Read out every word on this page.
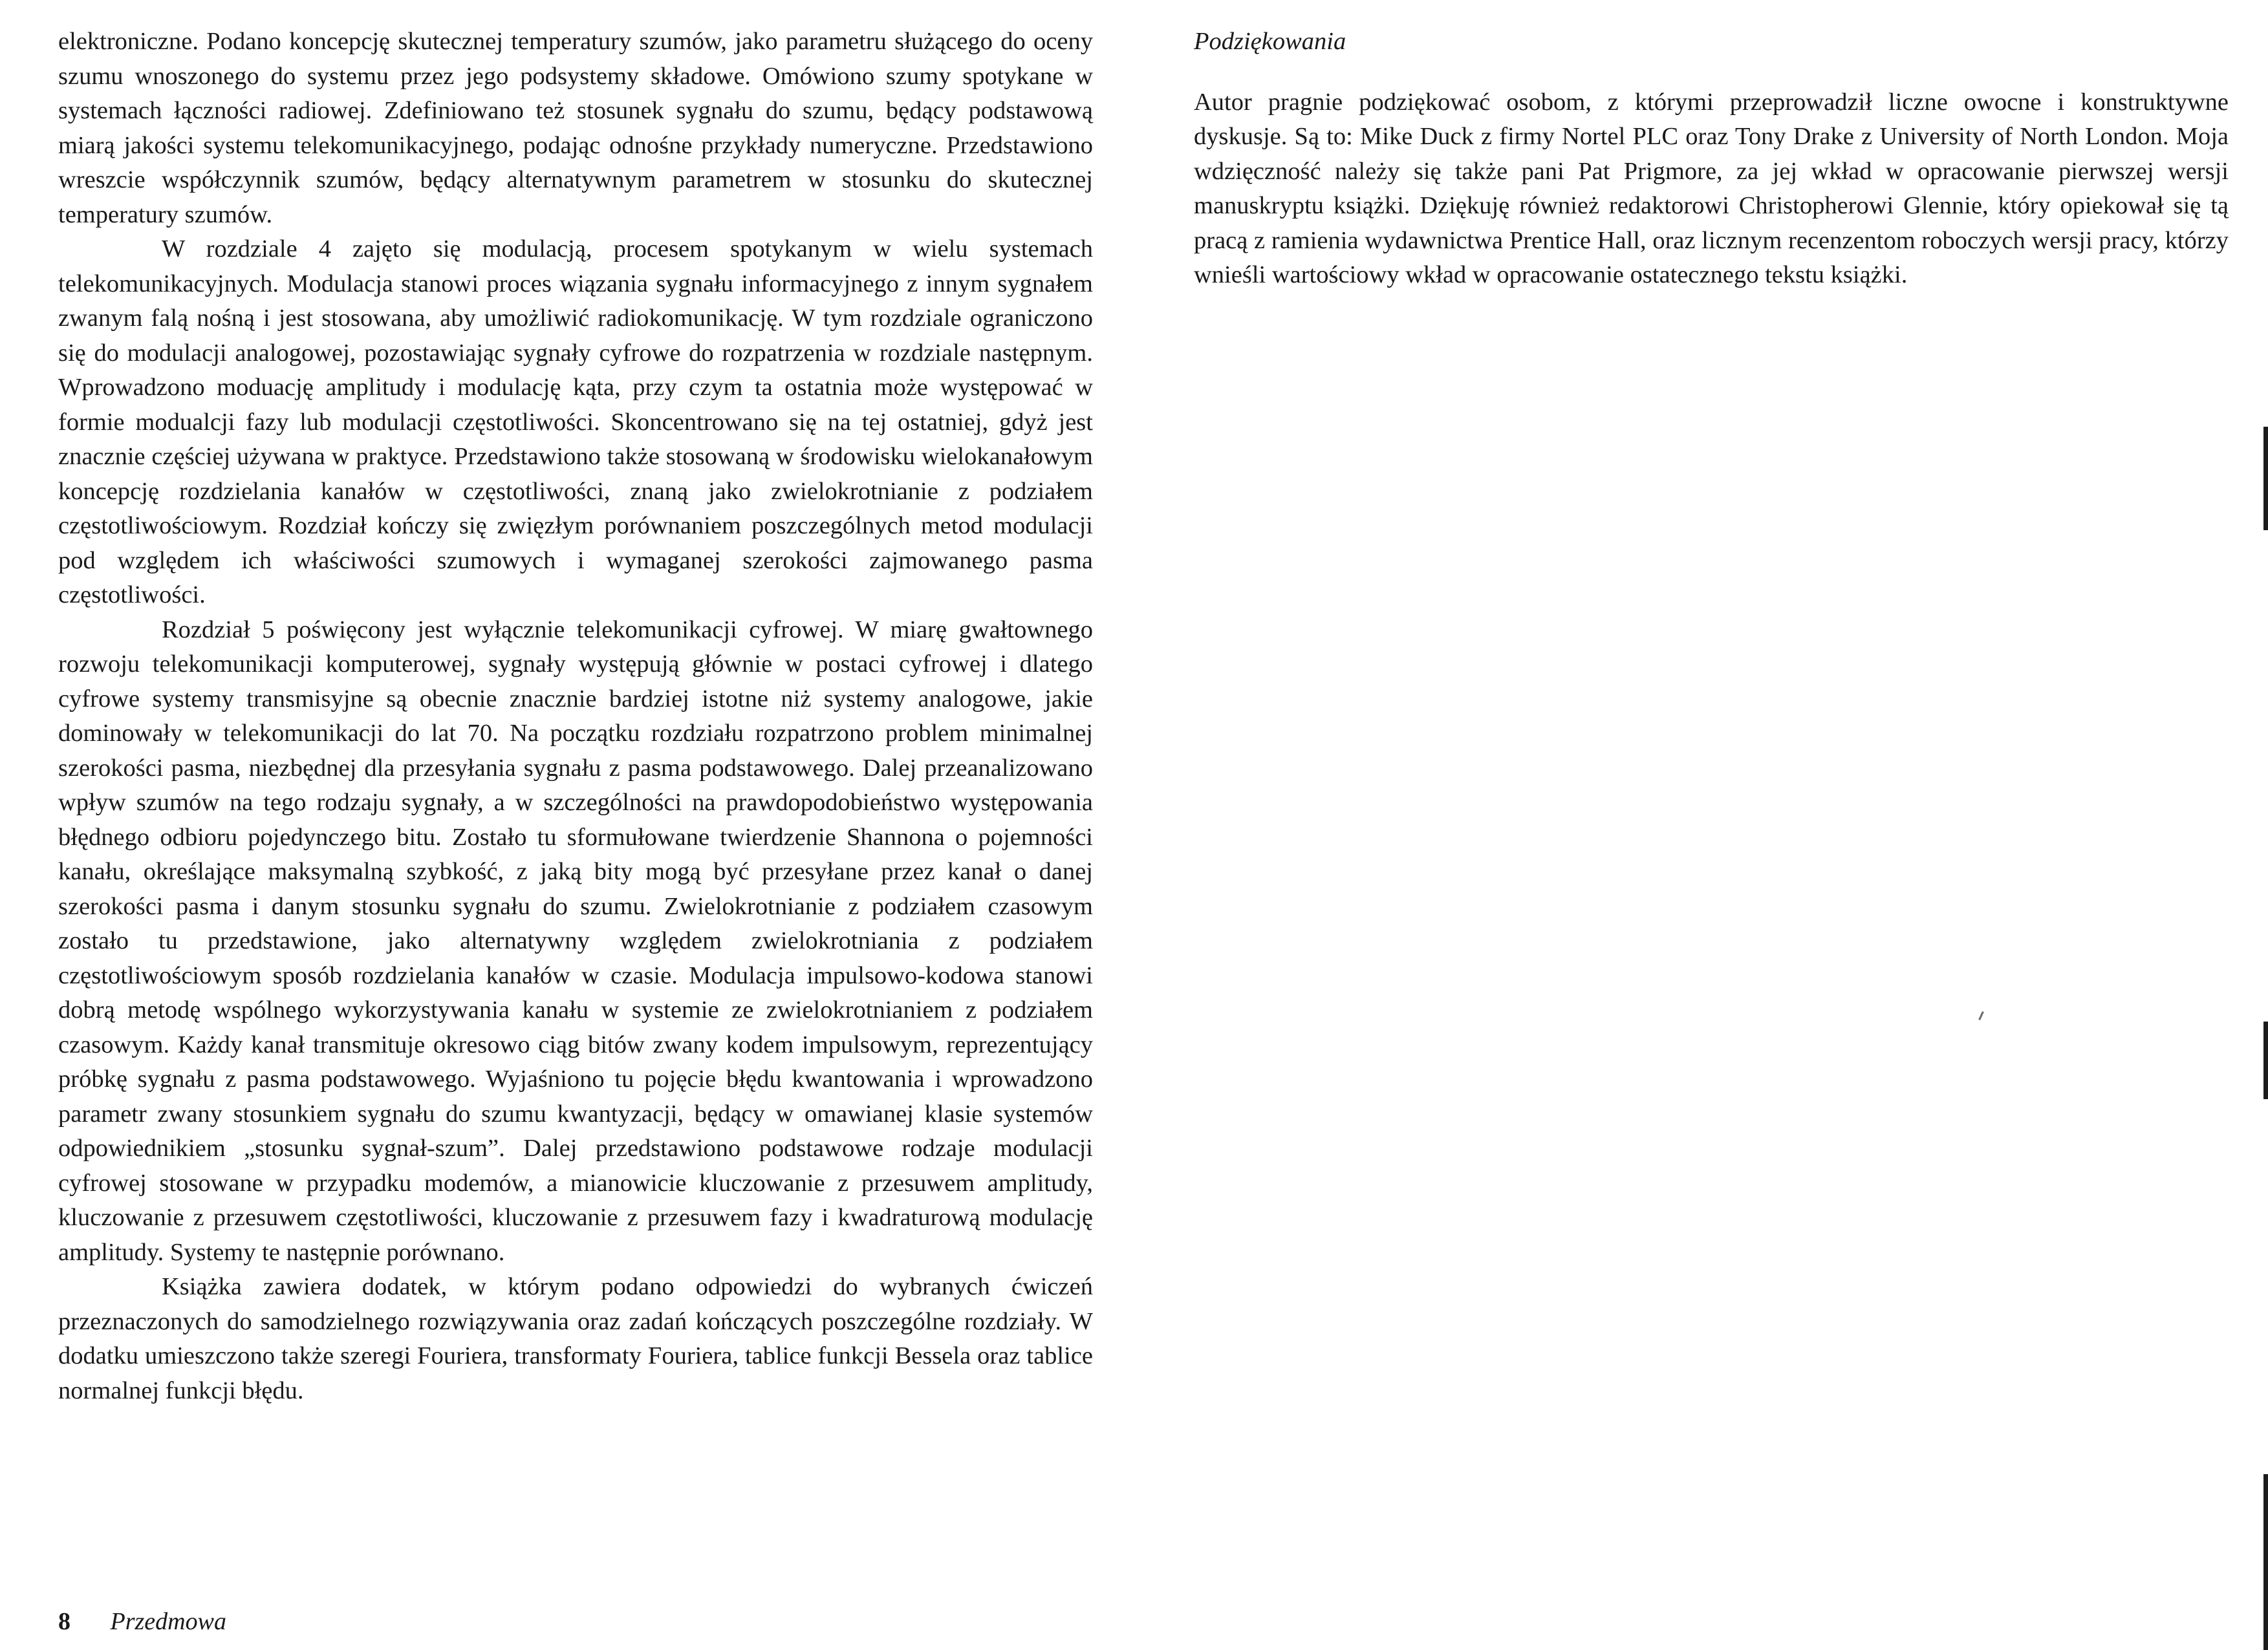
elektroniczne. Podano koncepcję skutecznej temperatury szumów, jako parametru służącego do oceny szumu wnoszonego do systemu przez jego podsystemy składowe. Omówiono szumy spotykane w systemach łączności radiowej. Zdefiniowano też stosunek sygnału do szumu, będący podstawową miarą jakości systemu telekomunikacyjnego, podając odnośne przykłady numeryczne. Przedstawiono wreszcie współczynnik szumów, będący alternatywnym parametrem w stosunku do skutecznej temperatury szumów.

W rozdziale 4 zajęto się modulacją, procesem spotykanym w wielu systemach telekomunikacyjnych. Modulacja stanowi proces wiązania sygnału informacyjnego z innym sygnałem zwanym falą nośną i jest stosowana, aby umożliwić radiokomunikację. W tym rozdziale ograniczono się do modulacji analogowej, pozostawiając sygnały cyfrowe do rozpatrzenia w rozdziale następnym. Wprowadzono moduację amplitudy i modulację kąta, przy czym ta ostatnia może występować w formie modualcji fazy lub modulacji częstotliwości. Skoncentrowano się na tej ostatniej, gdyż jest znacznie częściej używana w praktyce. Przedstawiono także stosowaną w środowisku wielokanałowym koncepcję rozdzielania kanałów w częstotliwości, znaną jako zwielokrotnianie z podziałem częstotliwościowym. Rozdział kończy się zwięzłym porównaniem poszczególnych metod modulacji pod względem ich właściwości szumowych i wymaganej szerokości zajmowanego pasma częstotliwości.

Rozdział 5 poświęcony jest wyłącznie telekomunikacji cyfrowej. W miarę gwałtownego rozwoju telekomunikacji komputerowej, sygnały występują głównie w postaci cyfrowej i dlatego cyfrowe systemy transmisyjne są obecnie znacznie bardziej istotne niż systemy analogowe, jakie dominowały w telekomunikacji do lat 70. Na początku rozdziału rozpatrzono problem minimalnej szerokości pasma, niezbędnej dla przesyłania sygnału z pasma podstawowego. Dalej przeanalizowano wpływ szumów na tego rodzaju sygnały, a w szczególności na prawdopodobieństwo występowania błędnego odbioru pojedynczego bitu. Zostało tu sformułowane twierdzenie Shannona o pojemności kanału, określające maksymalną szybkość, z jaką bity mogą być przesyłane przez kanał o danej szerokości pasma i danym stosunku sygnału do szumu. Zwielokrotnianie z podziałem czasowym zostało tu przedstawione, jako alternatywny względem zwielokrotniania z podziałem częstotliwościowym sposób rozdzielania kanałów w czasie. Modulacja impulsowo-kodowa stanowi dobrą metodę wspólnego wykorzystywania kanału w systemie ze zwielokrotnianiem z podziałem czasowym. Każdy kanał transmituje okresowo ciąg bitów zwany kodem impulsowym, reprezentujący próbkę sygnału z pasma podstawowego. Wyjaśniono tu pojęcie błędu kwantowania i wprowadzono parametr zwany stosunkiem sygnału do szumu kwantyzacji, będący w omawianej klasie systemów odpowiednikiem „stosunku sygnał-szum”. Dalej przedstawiono podstawowe rodzaje modulacji cyfrowej stosowane w przypadku modemów, a mianowicie kluczowanie z przesuwem amplitudy, kluczowanie z przesuwem częstotliwości, kluczowanie z przesuwem fazy i kwadraturową modulację amplitudy. Systemy te następnie porównano.

Książka zawiera dodatek, w którym podano odpowiedzi do wybranych ćwiczeń przeznaczonych do samodzielnego rozwiązywania oraz zadań kończących poszczególne rozdziały. W dodatku umieszczono także szeregi Fouriera, transformaty Fouriera, tablice funkcji Bessela oraz tablice normalnej funkcji błędu.

8 Przedmowa

Podziękowania

Autor pragnie podziękować osobom, z którymi przeprowadził liczne owocne i konstruktywne dyskusje. Są to: Mike Duck z firmy Nortel PLC oraz Tony Drake z University of North London. Moja wdzięczność należy się także pani Pat Prigmore, za jej wkład w opracowanie pierwszej wersji manuskryptu książki. Dziękuję również redaktorowi Christopherowi Glennie, który opiekował się tą pracą z ramienia wydawnictwa Prentice Hall, oraz licznym recenzentom roboczych wersji pracy, którzy wnieśli wartościowy wkład w opracowanie ostatecznego tekstu książki.
